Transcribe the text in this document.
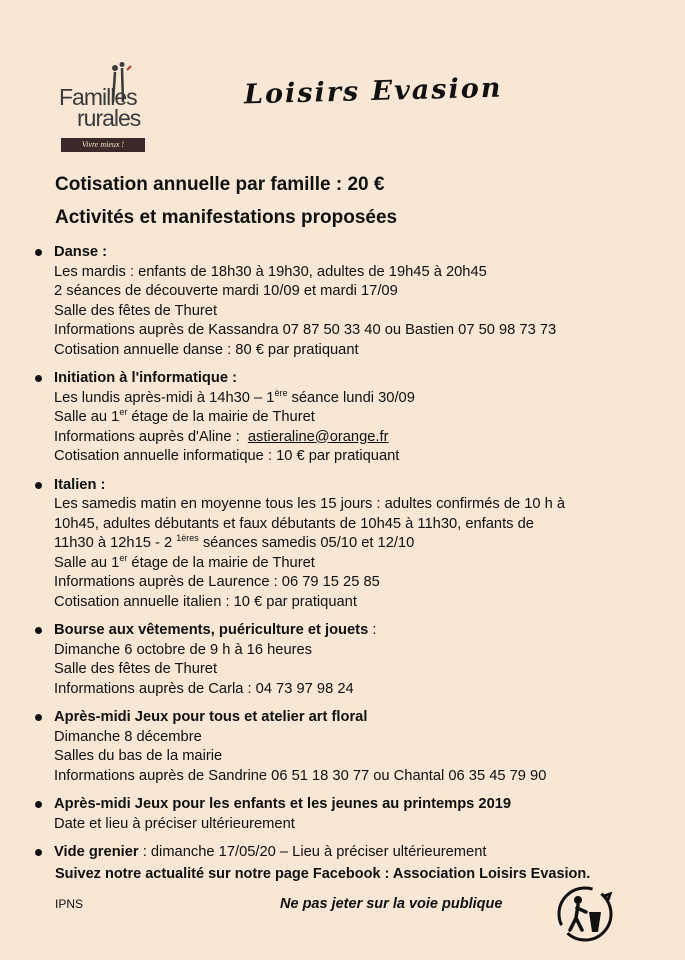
Familles
rurales
Vivre mieux !
Loisirs Evasion
Cotisation annuelle par famille : 20 €
Activités et manifestations proposées
Danse :
Les mardis : enfants de 18h30 à 19h30, adultes de 19h45 à 20h45
2 séances de découverte mardi 10/09 et mardi 17/09
Salle des fêtes de Thuret
Informations auprès de Kassandra 07 87 50 33 40 ou Bastien 07 50 98 73 73
Cotisation annuelle danse : 80 € par pratiquant
Initiation à l'informatique :
Les lundis après-midi à 14h30 – 1ère séance lundi 30/09
Salle au 1er étage de la mairie de Thuret
Informations auprès d'Aline :  astieraline@orange.fr
Cotisation annuelle informatique : 10 € par pratiquant
Italien :
Les samedis matin en moyenne tous les 15 jours : adultes confirmés de 10 h à
10h45, adultes débutants et faux débutants de 10h45 à 11h30, enfants de
11h30 à 12h15 - 2 $^{1ères}$ séances samedis 05/10 et 12/10
Salle au 1er étage de la mairie de Thuret
Informations auprès de Laurence : 06 79 15 25 85
Cotisation annuelle italien : 10 € par pratiquant
Bourse aux vêtements, puériculture et jouets :
Dimanche 6 octobre de 9 h à 16 heures
Salle des fêtes de Thuret
Informations auprès de Carla : 04 73 97 98 24
Après-midi Jeux pour tous et atelier art floral
Dimanche 8 décembre
Salles du bas de la mairie
Informations auprès de Sandrine 06 51 18 30 77 ou Chantal 06 35 45 79 90
Après-midi Jeux pour les enfants et les jeunes au printemps 2019
Date et lieu à préciser ultérieurement
Vide grenier : dimanche 17/05/20 – Lieu à préciser ultérieurement
Suivez notre actualité sur notre page Facebook : Association Loisirs Evasion.
IPNS	Ne pas jeter sur la voie publique
